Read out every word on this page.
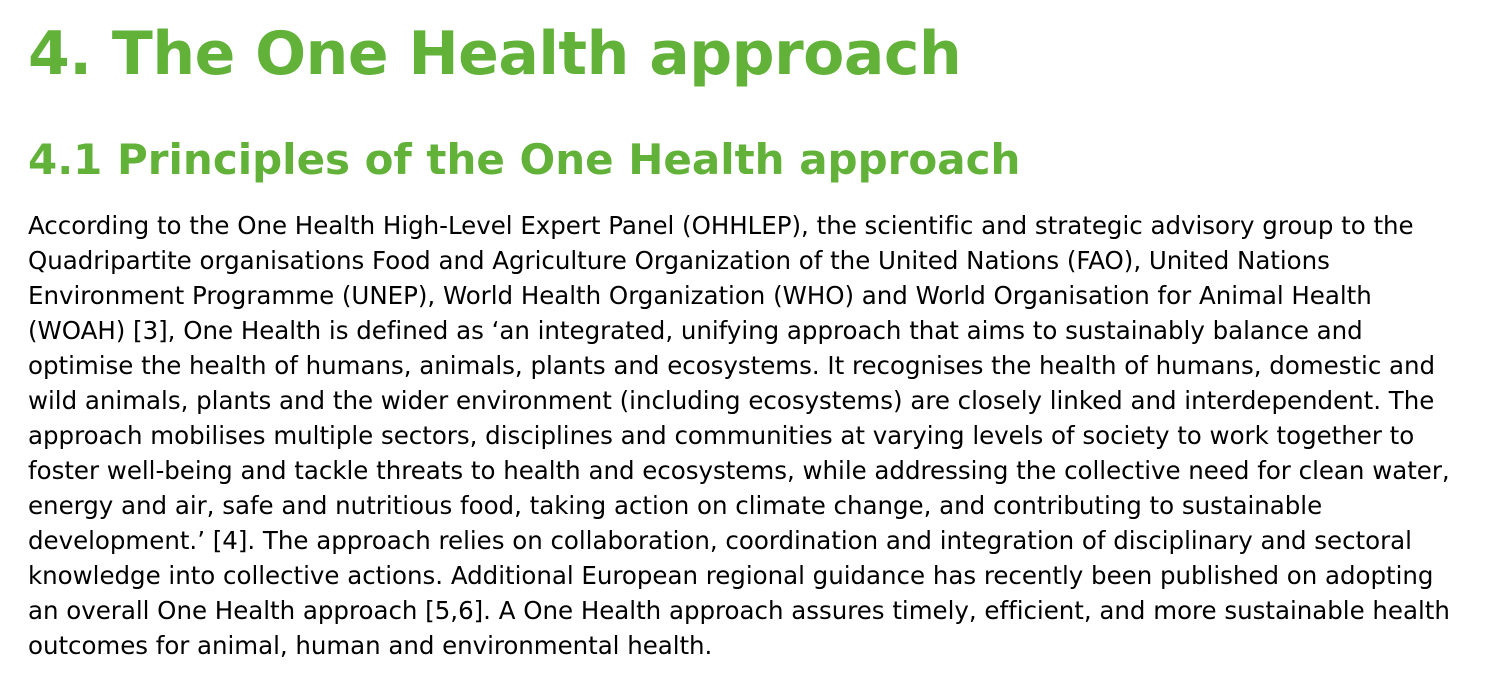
4. The One Health approach
4.1 Principles of the One Health approach

According to the One Health High-Level Expert Panel (OHHLEP), the scientific and strategic advisory group to the
Quadripartite organisations Food and Agriculture Organization of the United Nations (FAO), United Nations
Environment Programme (UNEP), World Health Organization (WHO) and World Organisation for Animal Health
(WOAH) [3], One Health is defined as ‘an integrated, unifying approach that aims to sustainably balance and
optimise the health of humans, animals, plants and ecosystems. It recognises the health of humans, domestic and
wild animals, plants and the wider environment (including ecosystems) are closely linked and interdependent. The
approach mobilises multiple sectors, disciplines and communities at varying levels of society to work together to
foster well-being and tackle threats to health and ecosystems, while addressing the collective need for clean water,
energy and air, safe and nutritious food, taking action on climate change, and contributing to sustainable
development.’ [4]. The approach relies on collaboration, coordination and integration of disciplinary and sectoral
knowledge into collective actions. Additional European regional guidance has recently been published on adopting
an overall One Health approach [5,6]. A One Health approach assures timely, efficient, and more sustainable health
outcomes for animal, human and environmental health.
